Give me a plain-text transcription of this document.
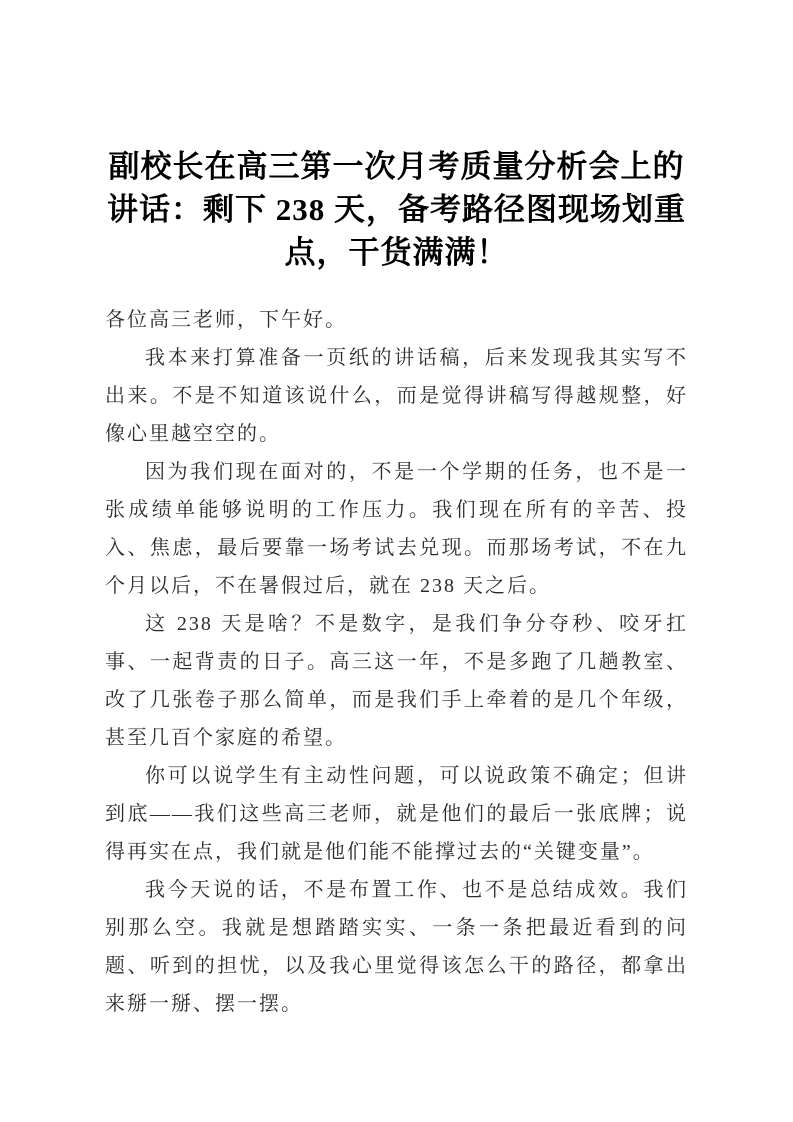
副校长在高三第一次月考质量分析会上的讲话：剩下 238 天，备考路径图现场划重点，干货满满！

各位高三老师，下午好。

我本来打算准备一页纸的讲话稿，后来发现我其实写不出来。不是不知道该说什么，而是觉得讲稿写得越规整，好像心里越空空的。

因为我们现在面对的，不是一个学期的任务，也不是一张成绩单能够说明的工作压力。我们现在所有的辛苦、投入、焦虑，最后要靠一场考试去兑现。而那场考试，不在九个月以后，不在暑假过后，就在 238 天之后。

这 238 天是啥？不是数字，是我们争分夺秒、咬牙扛事、一起背责的日子。高三这一年，不是多跑了几趟教室、改了几张卷子那么简单，而是我们手上牵着的是几个年级，甚至几百个家庭的希望。

你可以说学生有主动性问题，可以说政策不确定；但讲到底——我们这些高三老师，就是他们的最后一张底牌；说得再实在点，我们就是他们能不能撑过去的“关键变量”。

我今天说的话，不是布置工作、也不是总结成效。我们别那么空。我就是想踏踏实实、一条一条把最近看到的问题、听到的担忧，以及我心里觉得该怎么干的路径，都拿出来掰一掰、摆一摆。
